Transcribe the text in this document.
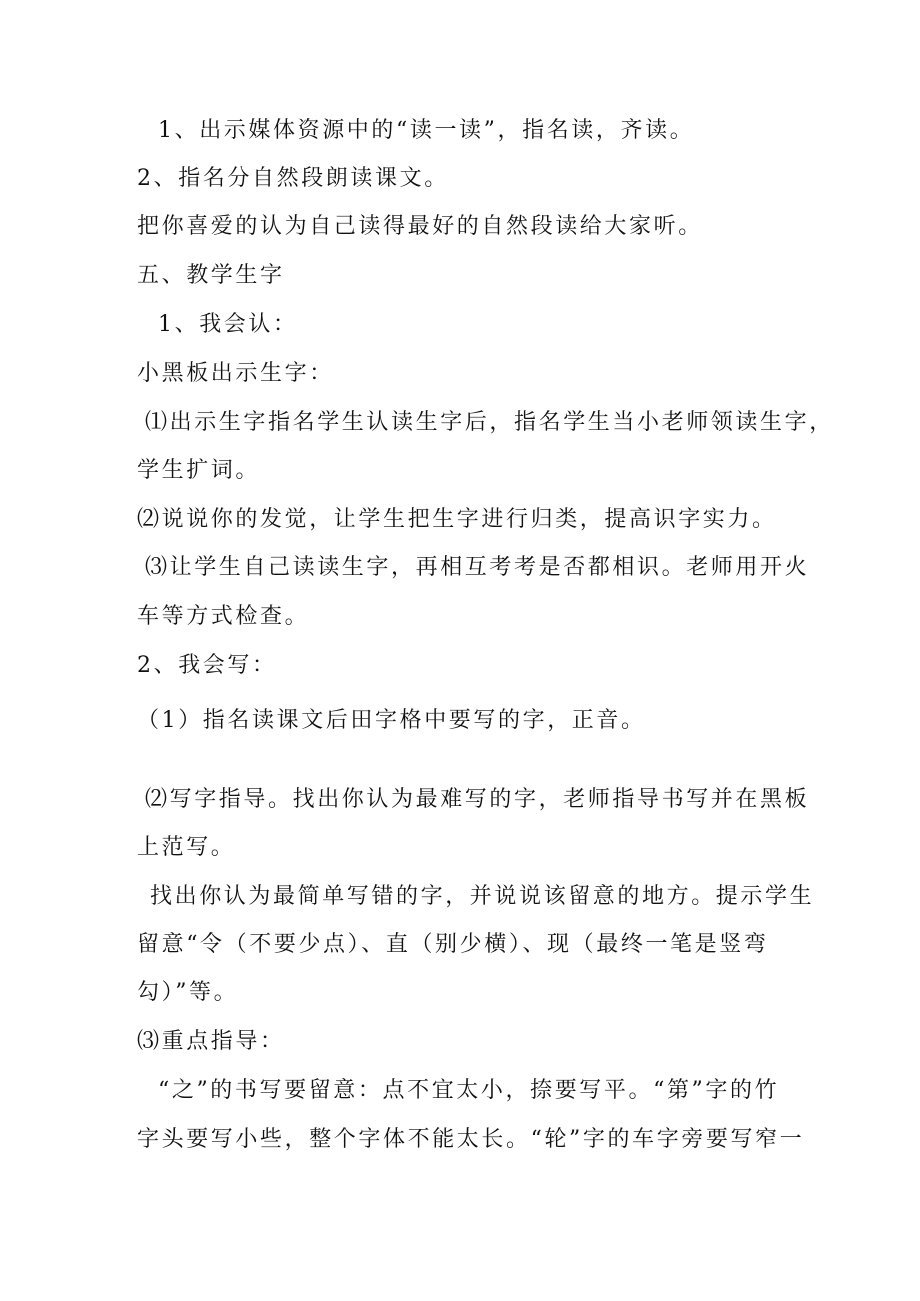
1、出示媒体资源中的“读一读”，指名读，齐读。
2、指名分自然段朗读课文。
把你喜爱的认为自己读得最好的自然段读给大家听。
五、教学生字
1、我会认：
小黑板出示生字：
⑴出示生字指名学生认读生字后，指名学生当小老师领读生字，
学生扩词。
⑵说说你的发觉，让学生把生字进行归类，提高识字实力。
⑶让学生自己读读生字，再相互考考是否都相识。老师用开火
车等方式检查。
2、我会写：
（1）指名读课文后田字格中要写的字，正音。
⑵写字指导。找出你认为最难写的字，老师指导书写并在黑板
上范写。
找出你认为最简单写错的字，并说说该留意的地方。提示学生
留意“令（不要少点）、直（别少横）、现（最终一笔是竖弯
勾）”等。
⑶重点指导：
“之”的书写要留意：点不宜太小，捺要写平。“第”字的竹
字头要写小些，整个字体不能太长。“轮”字的车字旁要写窄一
